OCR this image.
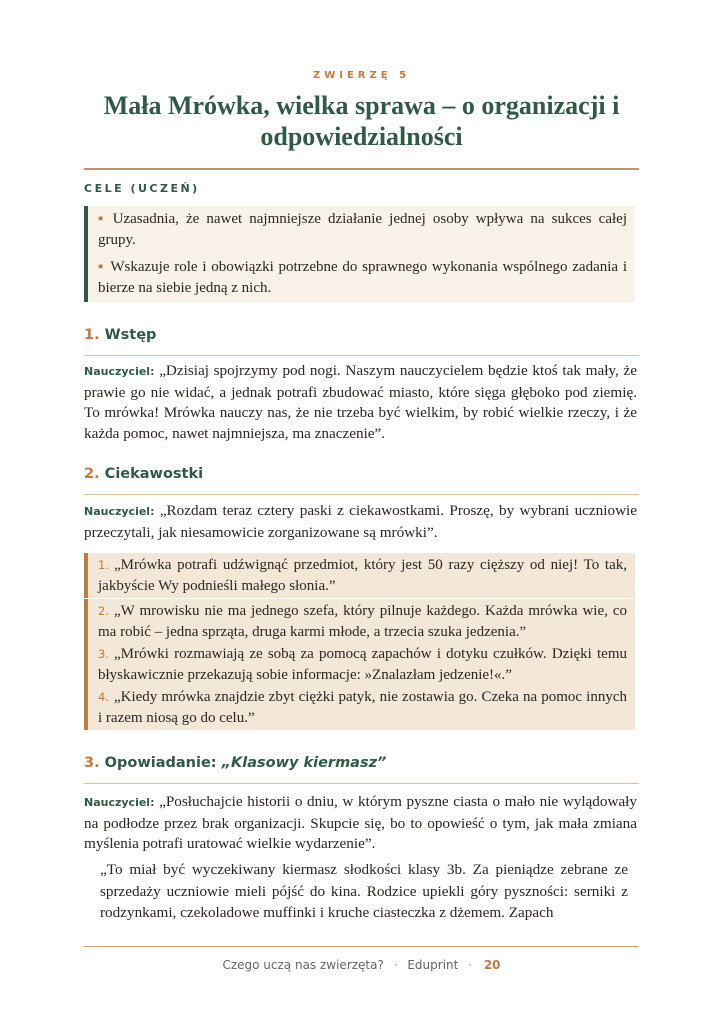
ZWIERZĘ 5
Mała Mrówka, wielka sprawa – o organizacji i odpowiedzialności
CELE (UCZEŃ)
▪ Uzasadnia, że nawet najmniejsze działanie jednej osoby wpływa na sukces całej grupy.
▪ Wskazuje role i obowiązki potrzebne do sprawnego wykonania wspólnego zadania i bierze na siebie jedną z nich.
1. Wstęp

Nauczyciel: „Dzisiaj spojrzymy pod nogi. Naszym nauczycielem będzie ktoś tak mały, że prawie go nie widać, a jednak potrafi zbudować miasto, które sięga głęboko pod ziemię. To mrówka! Mrówka nauczy nas, że nie trzeba być wielkim, by robić wielkie rzeczy, i że każda pomoc, nawet najmniejsza, ma znaczenie”.

2. Ciekawostki

Nauczyciel: „Rozdam teraz cztery paski z ciekawostkami. Proszę, by wybrani uczniowie przeczytali, jak niesamowicie zorganizowane są mrówki”.

1. „Mrówka potrafi udźwignąć przedmiot, który jest 50 razy cięższy od niej! To tak, jakbyście Wy podnieśli małego słonia.”
2. „W mrowisku nie ma jednego szefa, który pilnuje każdego. Każda mrówka wie, co ma robić – jedna sprząta, druga karmi młode, a trzecia szuka jedzenia.”
3. „Mrówki rozmawiają ze sobą za pomocą zapachów i dotyku czułków. Dzięki temu błyskawicznie przekazują sobie informacje: »Znalazłam jedzenie!«.”
4. „Kiedy mrówka znajdzie zbyt ciężki patyk, nie zostawia go. Czeka na pomoc innych i razem niosą go do celu.”
3. Opowiadanie: „Klasowy kiermasz”

Nauczyciel: „Posłuchajcie historii o dniu, w którym pyszne ciasta o mało nie wylądowały na podłodze przez brak organizacji. Skupcie się, bo to opowieść o tym, jak mała zmiana myślenia potrafi uratować wielkie wydarzenie”.

„To miał być wyczekiwany kiermasz słodkości klasy 3b. Za pieniądze zebrane ze sprzedaży uczniowie mieli pójść do kina. Rodzice upiekli góry pyszności: serniki z rodzynkami, czekoladowe muffinki i kruche ciasteczka z dżemem. Zapach

Czego uczą nas zwierzęta? · Eduprint · 20
